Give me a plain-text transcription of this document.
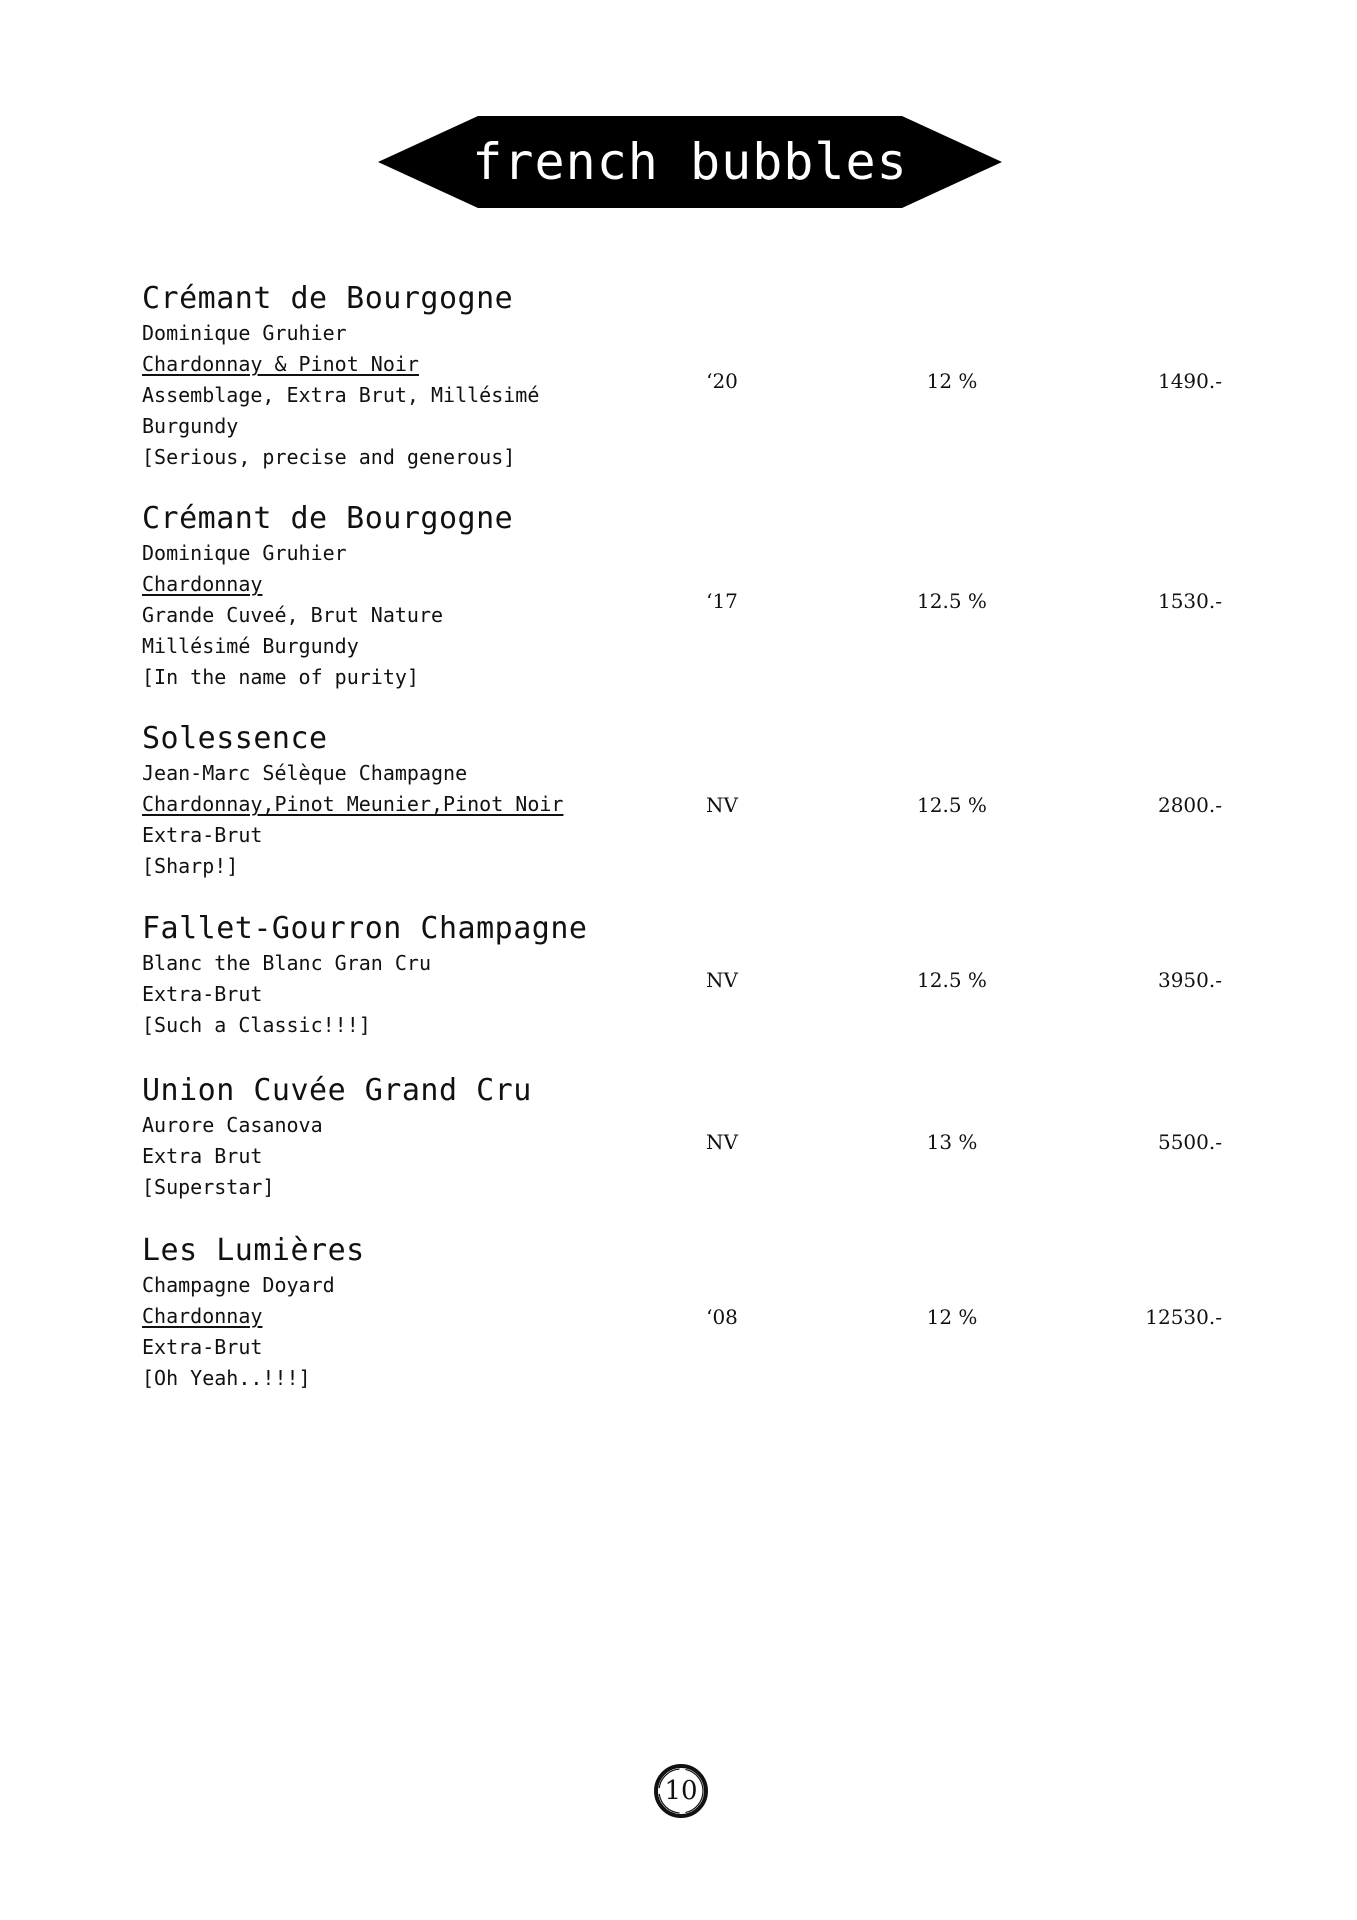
french bubbles
Crémant de Bourgogne
Dominique Gruhier
Chardonnay & Pinot Noir
Assemblage, Extra Brut, Millésimé
Burgundy
[Serious, precise and generous]
‘20	12 %	1490.-
Crémant de Bourgogne
Dominique Gruhier
Chardonnay
Grande Cuveé, Brut Nature
Millésimé Burgundy
[In the name of purity]
‘17	12.5 %	1530.-
Solessence
Jean-Marc Sélèque Champagne
Chardonnay,Pinot Meunier,Pinot Noir
Extra-Brut
[Sharp!]
NV	12.5 %	2800.-
Fallet-Gourron Champagne
Blanc the Blanc Gran Cru
Extra-Brut
[Such a Classic!!!]
NV	12.5 %	3950.-
Union Cuvée Grand Cru
Aurore Casanova
Extra Brut
[Superstar]
NV	13 %	5500.-
Les Lumières
Champagne Doyard
Chardonnay
Extra-Brut
[Oh Yeah..!!!]
‘08	12 %	12530.-
10
